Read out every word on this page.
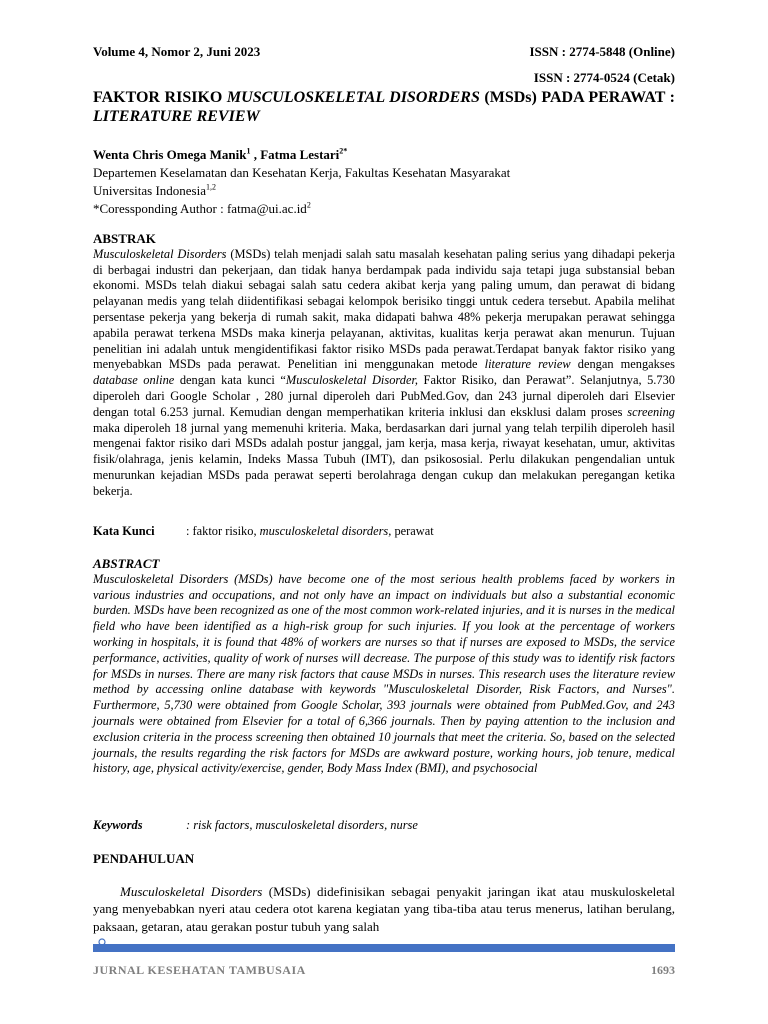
Volume 4, Nomor 2, Juni 2023	ISSN : 2774-5848 (Online)
ISSN : 2774-0524 (Cetak)
FAKTOR RISIKO MUSCULOSKELETAL DISORDERS (MSDs) PADA PERAWAT : LITERATURE REVIEW
Wenta Chris Omega Manik$^1$ , Fatma Lestari$^{2*}$
Departemen Keselamatan dan Kesehatan Kerja, Fakultas Kesehatan Masyarakat
Universitas Indonesia$^{1,2}$
*Coressponding Author : $fatma@ui.ac.id^2$
ABSTRAK

Musculoskeletal Disorders (MSDs) telah menjadi salah satu masalah kesehatan paling serius yang dihadapi pekerja di berbagai industri dan pekerjaan, dan tidak hanya berdampak pada individu saja tetapi juga substansial beban ekonomi. MSDs telah diakui sebagai salah satu cedera akibat kerja yang paling umum, dan perawat di bidang pelayanan medis yang telah diidentifikasi sebagai kelompok berisiko tinggi untuk cedera tersebut. Apabila melihat persentase pekerja yang bekerja di rumah sakit, maka didapati bahwa 48% pekerja merupakan perawat sehingga apabila perawat terkena MSDs maka kinerja pelayanan, aktivitas, kualitas kerja perawat akan menurun. Tujuan penelitian ini adalah untuk mengidentifikasi faktor risiko MSDs pada perawat.Terdapat banyak faktor risiko yang menyebabkan MSDs pada perawat. Penelitian ini menggunakan metode literature review dengan mengakses database online dengan kata kunci “Musculoskeletal Disorder, Faktor Risiko, dan Perawat”. Selanjutnya, 5.730 diperoleh dari Google Scholar , 280 jurnal diperoleh dari PubMed.Gov, dan 243 jurnal diperoleh dari Elsevier dengan total 6.253 jurnal. Kemudian dengan memperhatikan kriteria inklusi dan eksklusi dalam proses screening maka diperoleh 18 jurnal yang memenuhi kriteria. Maka, berdasarkan dari jurnal yang telah terpilih diperoleh hasil mengenai faktor risiko dari MSDs adalah postur janggal, jam kerja, masa kerja, riwayat kesehatan, umur, aktivitas fisik/olahraga, jenis kelamin, Indeks Massa Tubuh (IMT), dan psikososial. Perlu dilakukan pengendalian untuk menurunkan kejadian MSDs pada perawat seperti berolahraga dengan cukup dan melakukan peregangan ketika bekerja.

Kata Kunci	: faktor risiko, musculoskeletal disorders, perawat
ABSTRACT

Musculoskeletal Disorders (MSDs) have become one of the most serious health problems faced by workers in various industries and occupations, and not only have an impact on individuals but also a substantial economic burden. MSDs have been recognized as one of the most common work-related injuries, and it is nurses in the medical field who have been identified as a high-risk group for such injuries. If you look at the percentage of workers working in hospitals, it is found that 48% of workers are nurses so that if nurses are exposed to MSDs, the service performance, activities, quality of work of nurses will decrease. The purpose of this study was to identify risk factors for MSDs in nurses. There are many risk factors that cause MSDs in nurses. This research uses the literature review method by accessing online database with keywords "Musculoskeletal Disorder, Risk Factors, and Nurses". Furthermore, 5,730 were obtained from Google Scholar, 393 journals were obtained from PubMed.Gov, and 243 journals were obtained from Elsevier for a total of 6,366 journals. Then by paying attention to the inclusion and exclusion criteria in the process screening then obtained 10 journals that meet the criteria. So, based on the selected journals, the results regarding the risk factors for MSDs are awkward posture, working hours, job tenure, medical history, age, physical activity/exercise, gender, Body Mass Index (BMI), and psychosocial

Keywords	: risk factors, musculoskeletal disorders, nurse
PENDAHULUAN

Musculoskeletal Disorders (MSDs) didefinisikan sebagai penyakit jaringan ikat atau muskuloskeletal yang menyebabkan nyeri atau cedera otot karena kegiatan yang tiba-tiba atau terus menerus, latihan berulang, paksaan, getaran, atau gerakan postur tubuh yang salah

JURNAL KESEHATAN TAMBUSAIA	1693
